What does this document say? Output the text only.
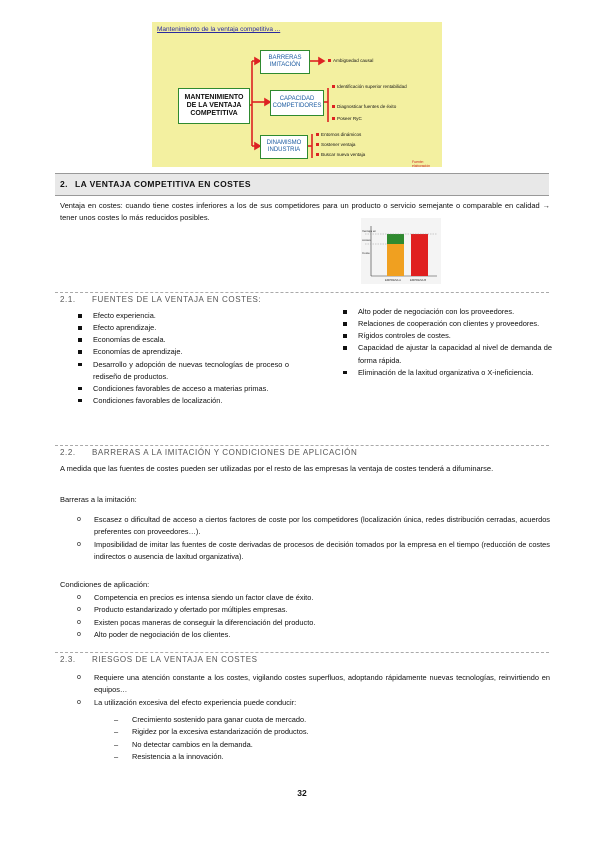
Mantenimiento de la ventaja competitiva ...
MANTENIMIENTO DE LA VENTAJA COMPETITIVA
BARRERAS IMITACIÓN
CAPACIDAD COMPETIDORES
DINAMISMO INDUSTRIA
Ambigüedad causal
Identificación superior rentabilidad
Diagnosticar fuentes de éxito
Poseer RyC
Entornos dinámicos
Sostener ventaja
Buscar nueva ventaja
Fuente: elaboración
2. LA VENTAJA COMPETITIVA EN COSTES
Ventaja en costes: cuando tiene costes inferiores a los de sus competidores para un producto o servicio semejante o comparable en calidad → tener unos costes lo más reducidos posibles.
Ventaja en
costes
Coste
EMPRESA A	EMPRESA B
2.1. FUENTES DE LA VENTAJA EN COSTES:
Efecto experiencia.
Efecto aprendizaje.
Economías de escala.
Economías de aprendizaje.
Desarrollo y adopción de nuevas tecnologías de proceso o rediseño de productos.
Condiciones favorables de acceso a materias primas.
Condiciones favorables de localización.
Alto poder de negociación con los proveedores.
Relaciones de cooperación con clientes y proveedores.
Rígidos controles de costes.
Capacidad de ajustar la capacidad al nivel de demanda de forma rápida.
Eliminación de la laxitud organizativa o X-ineficiencia.
2.2. BARRERAS A LA IMITACIÓN Y CONDICIONES DE APLICACIÓN
A medida que las fuentes de costes pueden ser utilizadas por el resto de las empresas la ventaja de costes tenderá a difuminarse.
Barreras a la imitación:
o Escasez o dificultad de acceso a ciertos factores de coste por los competidores (localización única, redes distribución cerradas, acuerdos preferentes con proveedores…).
o Imposibilidad de imitar las fuentes de coste derivadas de procesos de decisión tomados por la empresa en el tiempo (reducción de costes indirectos o ausencia de laxitud organizativa).
Condiciones de aplicación:
o Competencia en precios es intensa siendo un factor clave de éxito.
o Producto estandarizado y ofertado por múltiples empresas.
o Existen pocas maneras de conseguir la diferenciación del producto.
o Alto poder de negociación de los clientes.
2.3. RIESGOS DE LA VENTAJA EN COSTES
o Requiere una atención constante a los costes, vigilando costes superfluos, adoptando rápidamente nuevas tecnologías, reinvirtiendo en equipos…
o La utilización excesiva del efecto experiencia puede conducir:
– Crecimiento sostenido para ganar cuota de mercado.
– Rigidez por la excesiva estandarización de productos.
– No detectar cambios en la demanda.
– Resistencia a la innovación.
32
